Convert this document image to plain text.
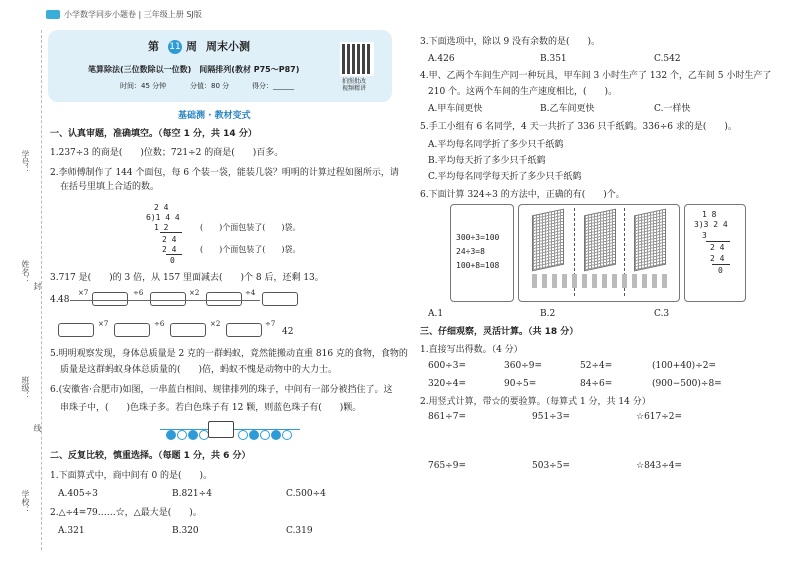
小学数学同步小题卷 | 三年级上册 SJ版
学号：
姓名：
封
班级：
线
学校：
第 11 周 周末小测
笔算除法(三位数除以一位数)　间隔排列(教材 P75～P87)
时间：45 分钟	分值：80 分	得分：______
拍照批改
视频精讲
基础测 · 教材变式
一、认真审题，准确填空。（每空 1 分，共 14 分）
1.237÷3 的商是(　　)位数；721÷2 的商是(　　)百多。
2.李师傅制作了 144 个面包，每 6 个装一袋，能装几袋？明明的计算过程如图所示，请
在括号里填上合适的数。
　2 4
6)1 4 4
　1 2
　　2 4
　　2 4
　　　0
(　　)个面包装了(　　)袋。
(　　)个面包装了(　　)袋。
3.717 是(　　)的 3 倍，从 157 里面减去(　　)个 8 后，还剩 13。
4. 48
×7	÷6	×2	÷4
×7	÷6	×2	÷7
42
5.明明观察发现，身体总质量是 2 克的一群蚂蚁，竟然能搬动直重 816 克的食物，食物的
质量是这群蚂蚁身体总质量的(　　)倍，蚂蚁不愧是动物中的大力士。
6.(安徽省·合肥市)如图，一串蓝白相间、规律排列的珠子，中间有一部分被挡住了。这
串珠子中，(　　)色珠子多。若白色珠子有 12 颗，则蓝色珠子有(　　)颗。
二、反复比较，慎重选择。（每题 1 分，共 6 分）
1.下面算式中，商中间有 0 的是(　　)。
A.405÷3	B.821÷4	C.500÷4
2.△÷4=79……☆，△最大是(　　)。
A.321	B.320	C.319
3.下面选项中，除以 9 没有余数的是(　　)。
A.426	B.351	C.542
4.甲、乙两个车间生产同一种玩具，甲车间 3 小时生产了 132 个，乙车间 5 小时生产了
210 个。这两个车间的生产速度相比，(　　)。
A.甲车间更快	B.乙车间更快	C.一样快
5.手工小组有 6 名同学，4 天一共折了 336 只千纸鹤。336÷6 求的是(　　)。
A.平均每名同学折了多少只千纸鹤
B.平均每天折了多少只千纸鹤
C.平均每名同学每天折了多少只千纸鹤
6.下面计算 324÷3 的方法中，正确的有(　　)个。
300÷3=100
24÷3=8
100+8=108
　1 8
3)3 2 4
　3
　　2 4
　　2 4
　　　0
A.1	B.2	C.3
三、仔细观察，灵活计算。（共 18 分）
1.直接写出得数。（4 分）
600÷3=	360÷9=	52÷4=	(100+40)÷2=
320÷4=	90÷5=	84÷6=	(900−500)÷8=
2.用竖式计算，带☆的要验算。（每算式 1 分，共 14 分）
861÷7=	951÷3=	☆617÷2=
765÷9=	503÷5=	☆843÷4=
